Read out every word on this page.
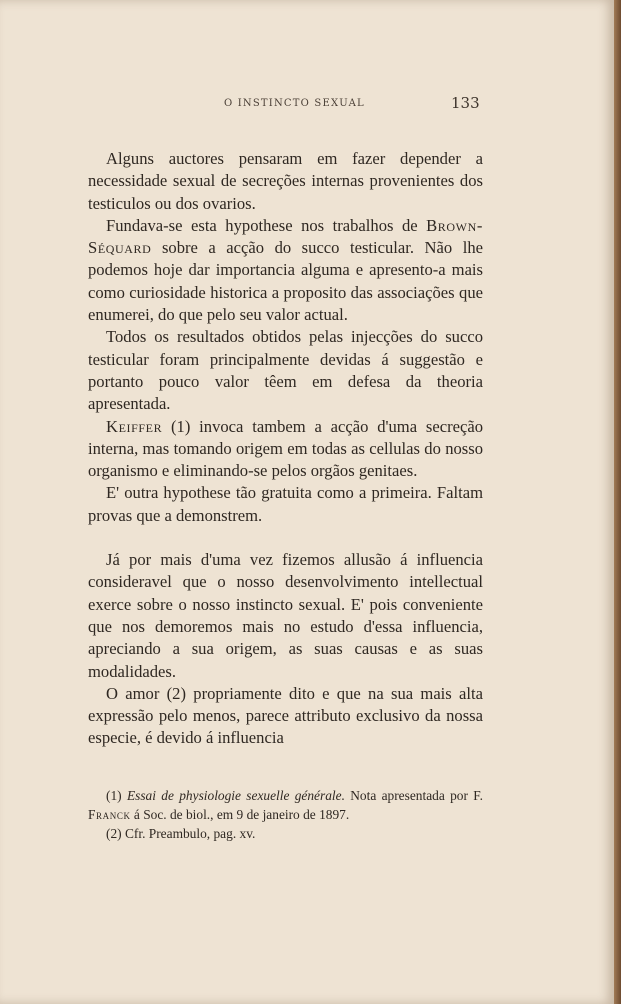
O INSTINCTO SEXUAL	133

Alguns auctores pensaram em fazer depender a necessidade sexual de secreções internas provenientes dos testiculos ou dos ovarios.

Fundava-se esta hypothese nos trabalhos de Brown-Séquard sobre a acção do succo testicular. Não lhe podemos hoje dar importancia alguma e apresento-a mais como curiosidade historica a proposito das associações que enumerei, do que pelo seu valor actual.

Todos os resultados obtidos pelas injecções do succo testicular foram principalmente devidas á suggestão e portanto pouco valor têem em defesa da theoria apresentada.

Keiffer (1) invoca tambem a acção d'uma secreção interna, mas tomando origem em todas as cellulas do nosso organismo e eliminando-se pelos orgãos genitaes.

E' outra hypothese tão gratuita como a primeira. Faltam provas que a demonstrem.

Já por mais d'uma vez fizemos allusão á influencia consideravel que o nosso desenvolvimento intellectual exerce sobre o nosso instincto sexual. E' pois conveniente que nos demoremos mais no estudo d'essa influencia, apreciando a sua origem, as suas causas e as suas modalidades.

O amor (2) propriamente dito e que na sua mais alta expressão pelo menos, parece attributo exclusivo da nossa especie, é devido á influencia

(1) Essai de physiologie sexuelle générale. Nota apresentada por F. Franck á Soc. de biol., em 9 de janeiro de 1897.

(2) Cfr. Preambulo, pag. xv.
